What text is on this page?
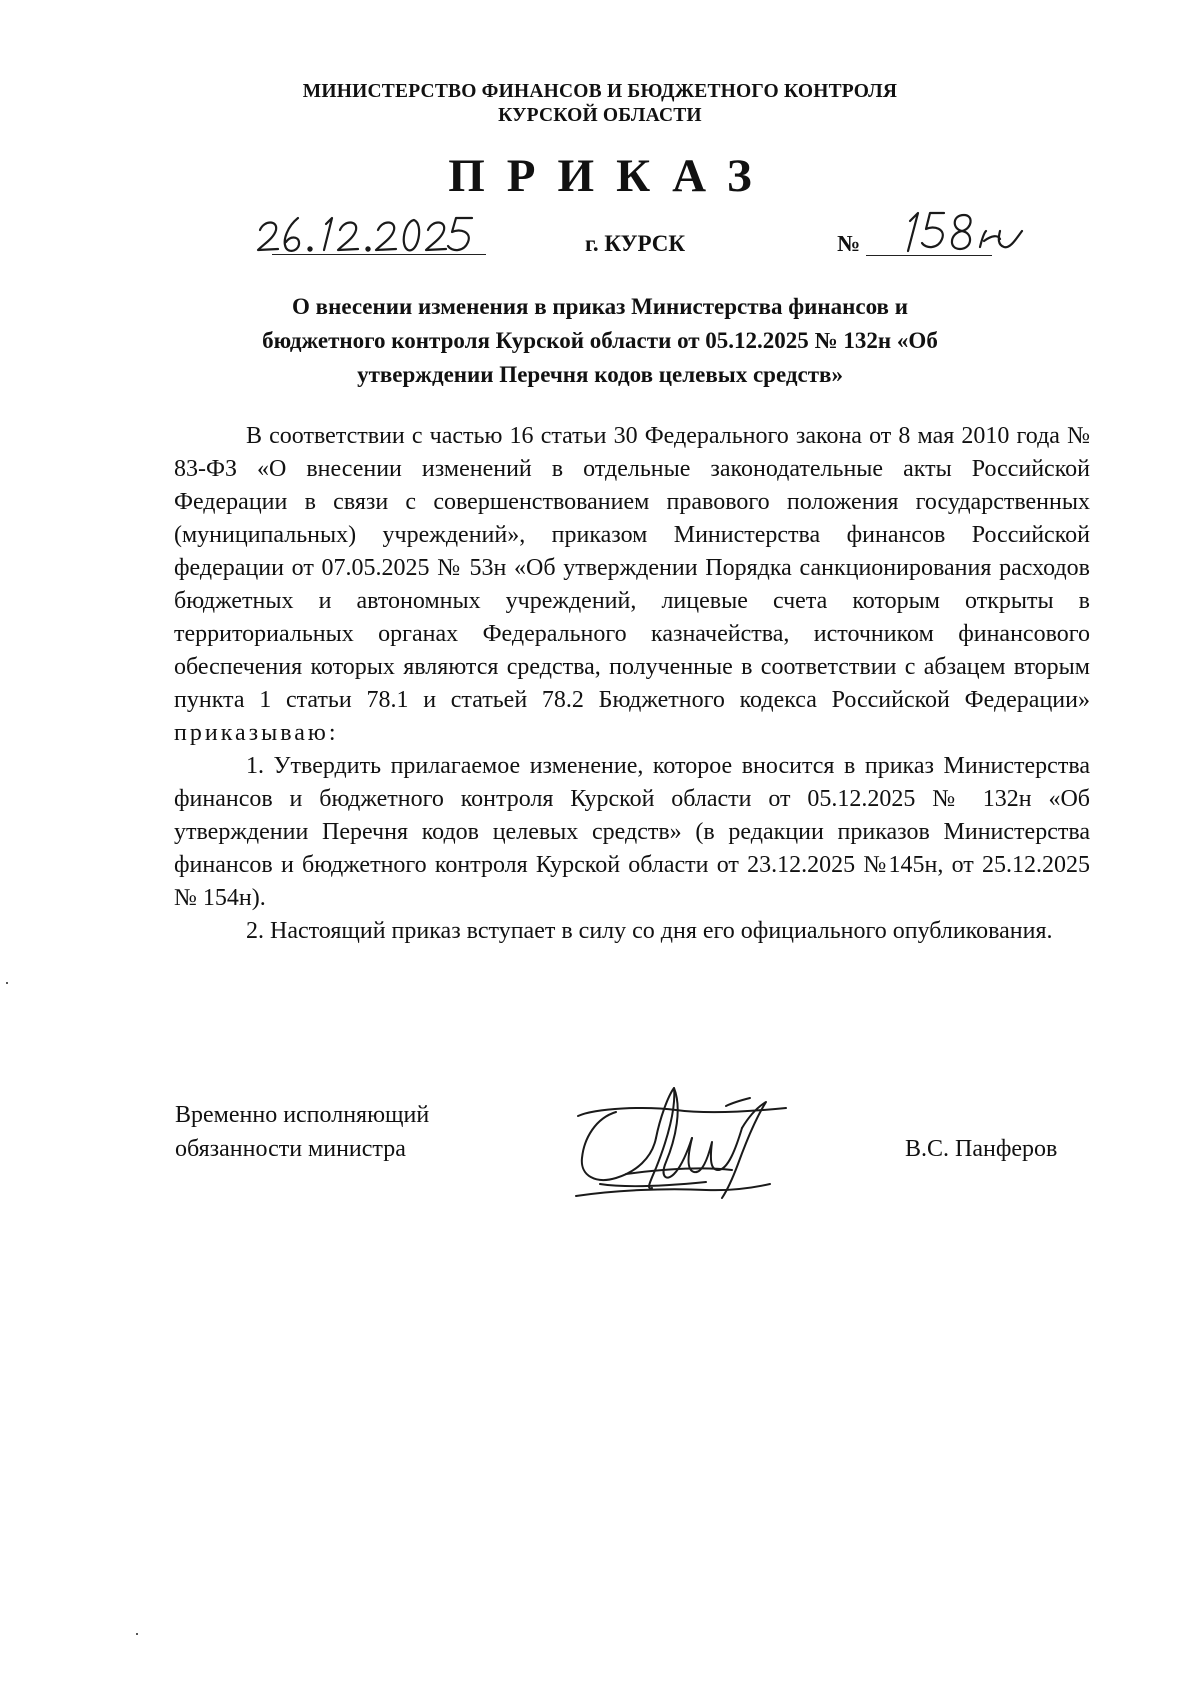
МИНИСТЕРСТВО ФИНАНСОВ И БЮДЖЕТНОГО КОНТРОЛЯ
КУРСКОЙ ОБЛАСТИ
ПРИКАЗ
г. КУРСК	№
О внесении изменения в приказ Министерства финансов и
бюджетного контроля Курской области от 05.12.2025 № 132н «Об
утверждении Перечня кодов целевых средств»

В соответствии с частью 16 статьи 30 Федерального закона от 8 мая 2010 года № 83-ФЗ «О внесении изменений в отдельные законодательные акты Российской Федерации в связи с совершенствованием правового положения государственных (муниципальных) учреждений», приказом Министерства финансов Российской федерации от 07.05.2025 № 53н «Об утверждении Порядка санкционирования расходов бюджетных и автономных учреждений, лицевые счета которым открыты в территориальных органах Федерального казначейства, источником финансового обеспечения которых являются средства, полученные в соответствии с абзацем вторым пункта 1 статьи 78.1 и статьей 78.2 Бюджетного кодекса Российской Федерации» приказываю:

1. Утвердить прилагаемое изменение, которое вносится в приказ Министерства финансов и бюджетного контроля Курской области от 05.12.2025 № 132н «Об утверждении Перечня кодов целевых средств» (в редакции приказов Министерства финансов и бюджетного контроля Курской области от 23.12.2025 №145н, от 25.12.2025 № 154н).

2. Настоящий приказ вступает в силу со дня его официального опубликования.

Временно исполняющий
обязанности министра	В.С. Панферов
